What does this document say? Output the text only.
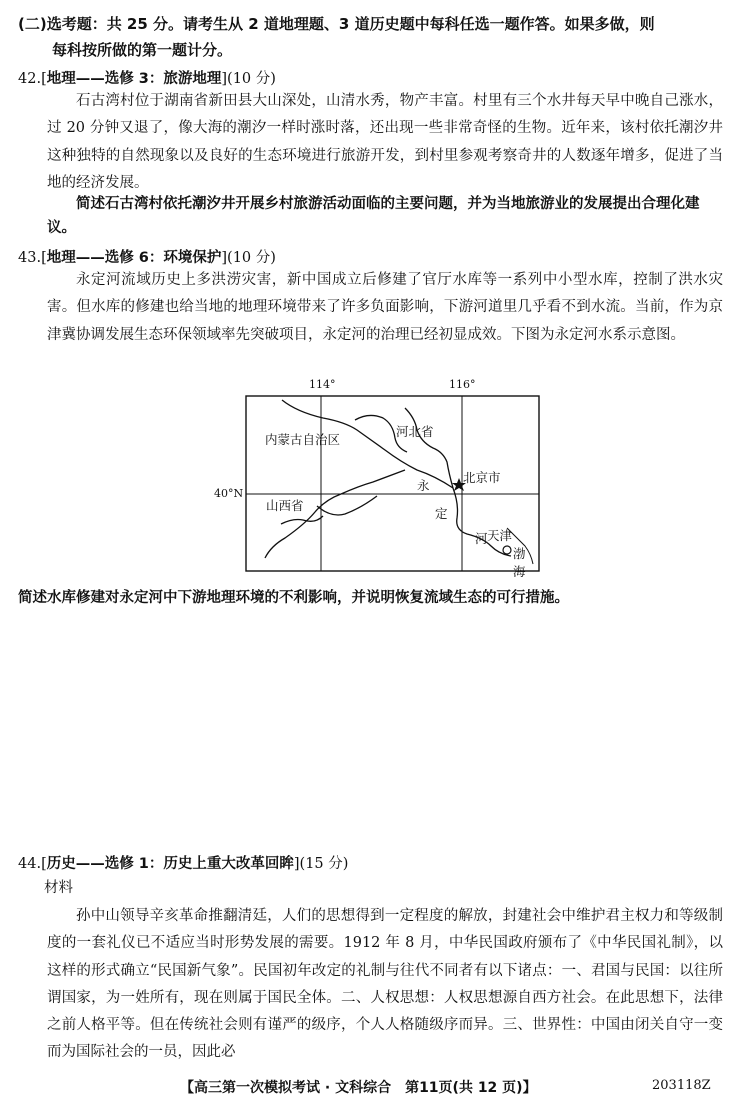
(二)选考题：共 25 分。请考生从 2 道地理题、3 道历史题中每科任选一题作答。如果多做，则
每科按所做的第一题计分。
42.[地理——选修 3：旅游地理](10 分)
石古湾村位于湖南省新田县大山深处，山清水秀，物产丰富。村里有三个水井每天早中晚自己涨水，过 20 分钟又退了，像大海的潮汐一样时涨时落，还出现一些非常奇怪的生物。近年来，该村依托潮汐井这种独特的自然现象以及良好的生态环境进行旅游开发，到村里参观考察奇井的人数逐年增多，促进了当地的经济发展。
简述石古湾村依托潮汐井开展乡村旅游活动面临的主要问题，并为当地旅游业的发展提出合理化建议。
43.[地理——选修 6：环境保护](10 分)
永定河流域历史上多洪涝灾害，新中国成立后修建了官厅水库等一系列中小型水库，控制了洪水灾害。但水库的修建也给当地的地理环境带来了许多负面影响，下游河道里几乎看不到水流。当前，作为京津冀协调发展生态环保领域率先突破项目，永定河的治理已经初显成效。下图为永定河水系示意图。
114°	116°
内蒙古自治区
河北省
山西省
北京市
天津
永
定
河
渤
海
40°N
简述水库修建对永定河中下游地理环境的不利影响，并说明恢复流域生态的可行措施。
44.[历史——选修 1：历史上重大改革回眸](15 分)
材料
孙中山领导辛亥革命推翻清廷，人们的思想得到一定程度的解放，封建社会中维护君主权力和等级制度的一套礼仪已不适应当时形势发展的需要。1912 年 8 月，中华民国政府颁布了《中华民国礼制》，以这样的形式确立“民国新气象”。民国初年改定的礼制与往代不同者有以下诸点：一、君国与民国：以往所谓国家，为一姓所有，现在则属于国民全体。二、人权思想：人权思想源自西方社会。在此思想下，法律之前人格平等。但在传统社会则有谨严的级序，个人人格随级序而异。三、世界性：中国由闭关自守一变而为国际社会的一员，因此必
【高三第一次模拟考试 · 文科综合　第11页(共 12 页)】	203118Z
